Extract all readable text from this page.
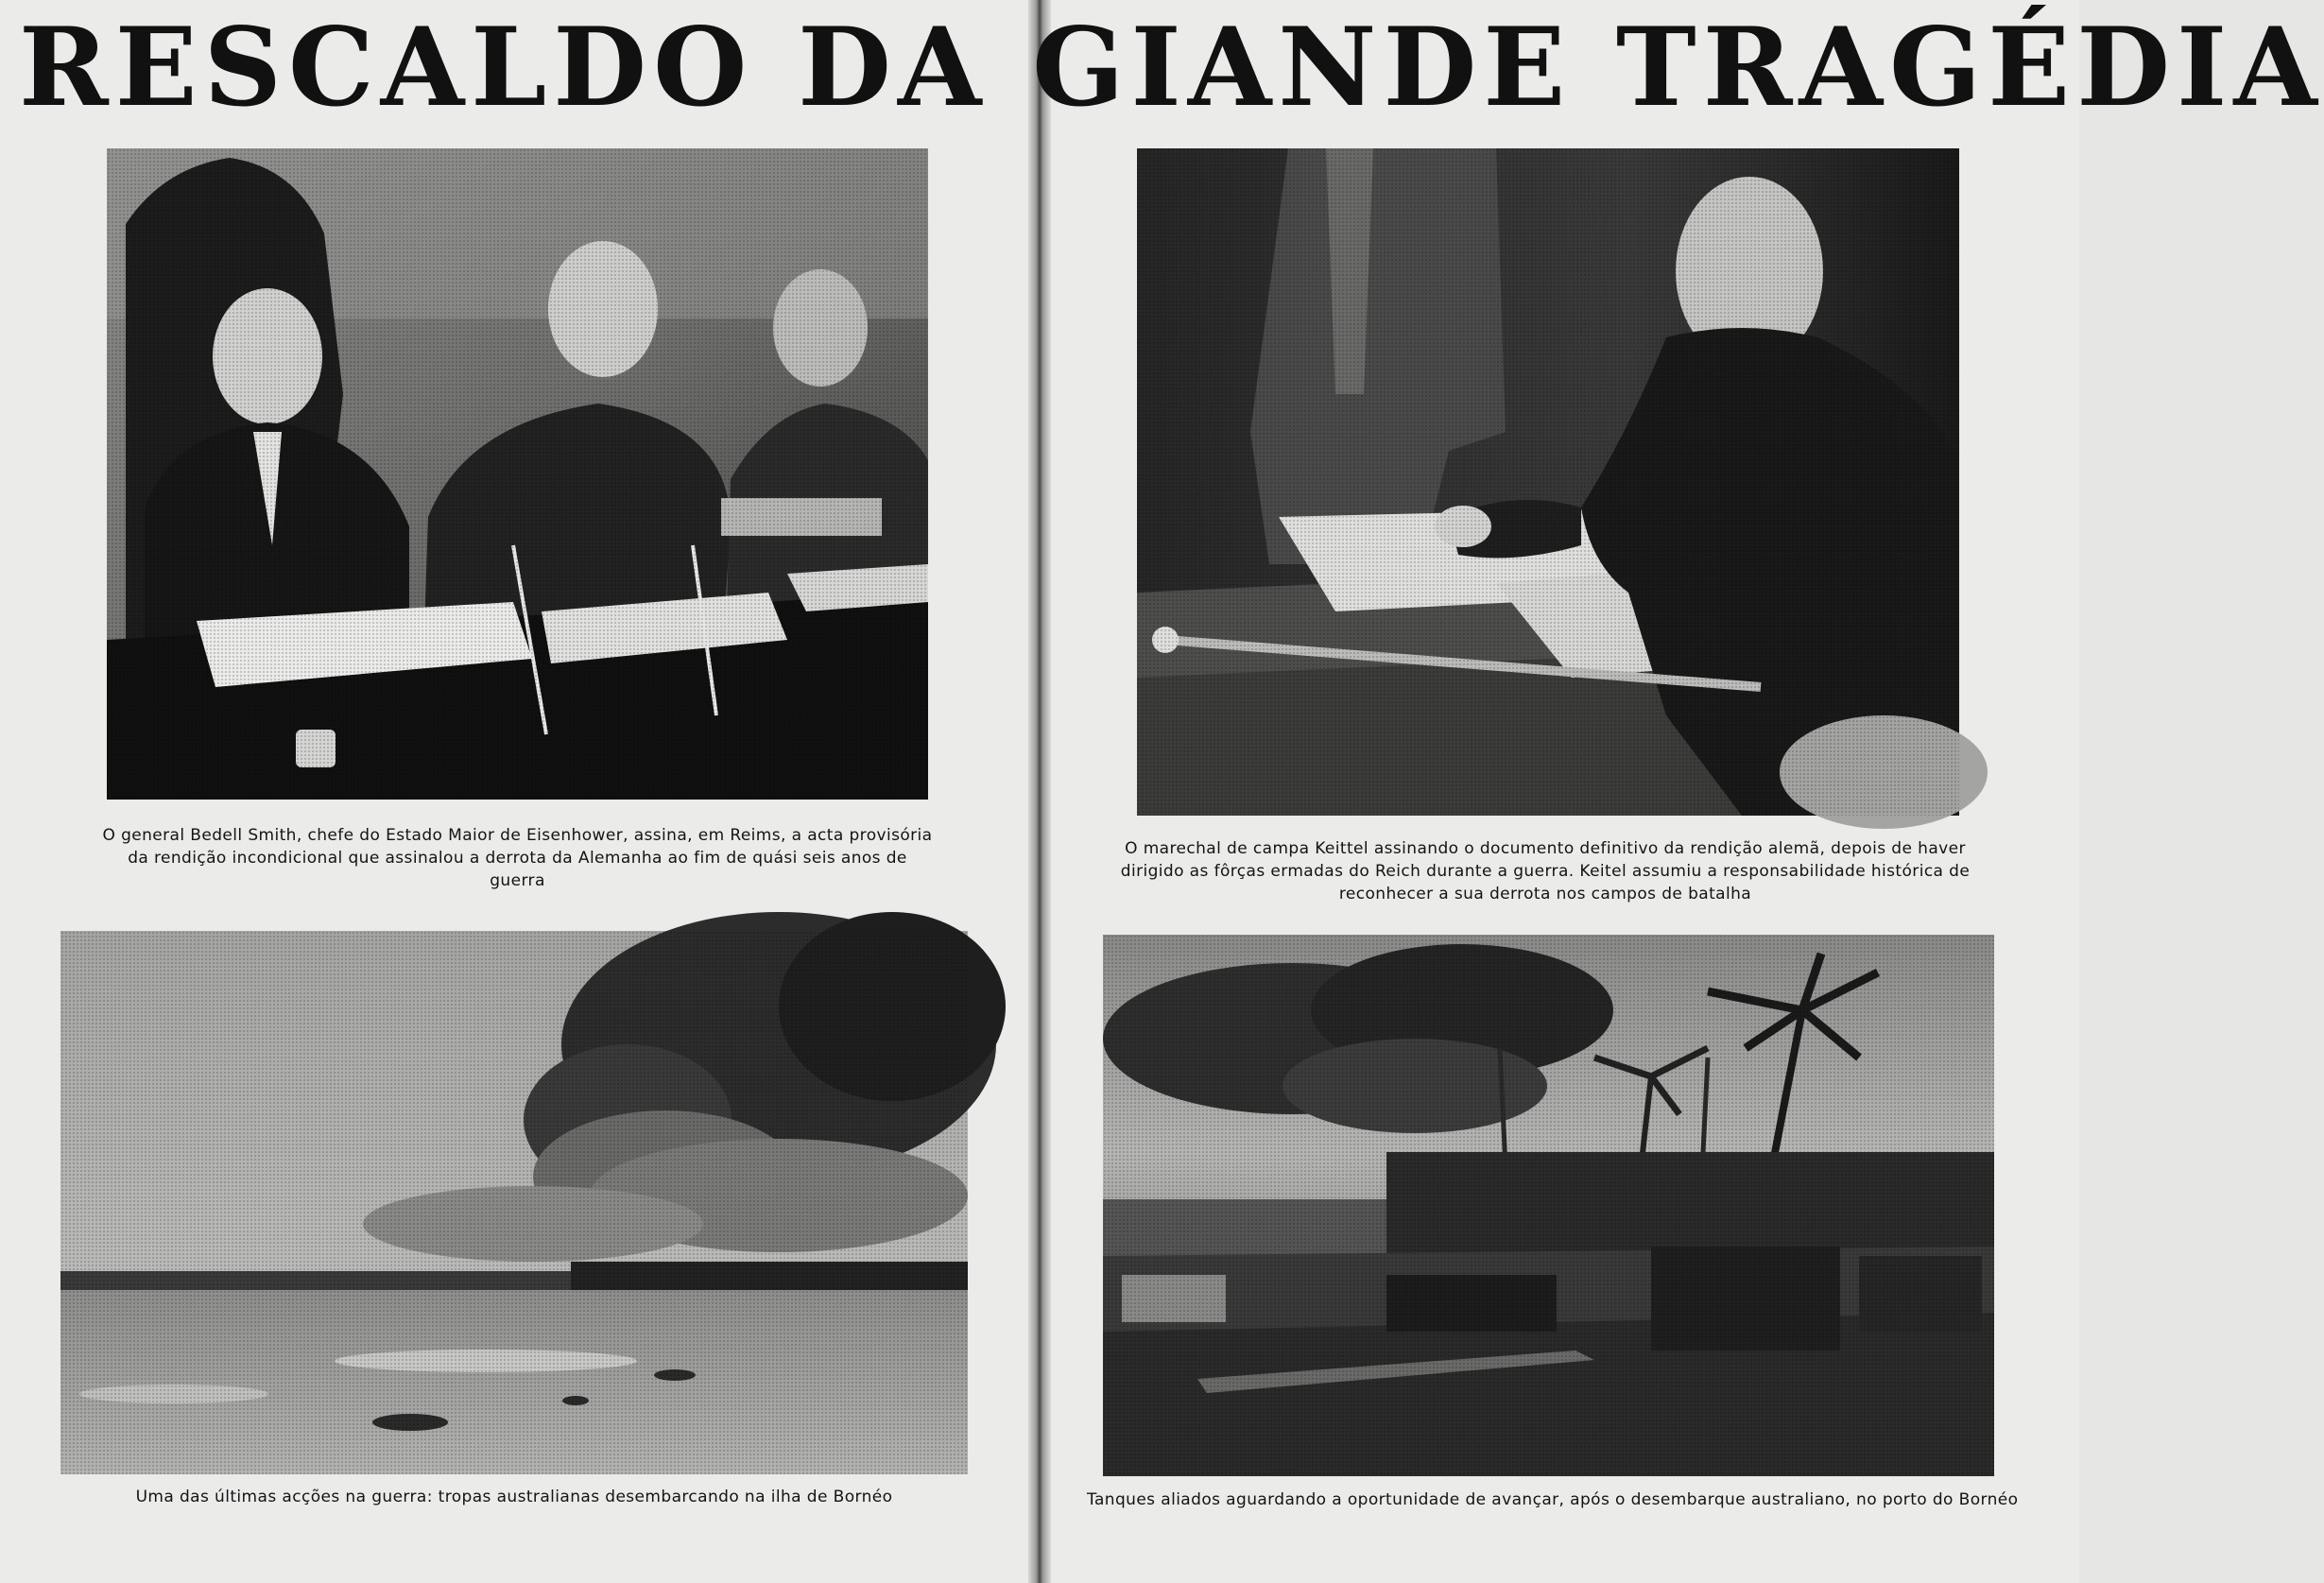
RESCALDO DA GIANDE TRAGÉDIA

O general Bedell Smith, chefe do Estado Maior de Eisenhower, assina, em Reims, a acta provisória da rendição incondicional que assinalou a derrota da Alemanha ao fim de quási seis anos de guerra

Uma das últimas acções na guerra: tropas australianas desembarcando na ilha de Bornéo

O marechal de campa Keittel assinando o documento definitivo da rendição alemã, depois de haver dirigido as fôrças ermadas do Reich durante a guerra. Keitel assumiu a responsabilidade histórica de reconhecer a sua derrota nos campos de batalha

Tanques aliados aguardando a oportunidade de avançar, após o desembarque australiano, no porto do Bornéo
